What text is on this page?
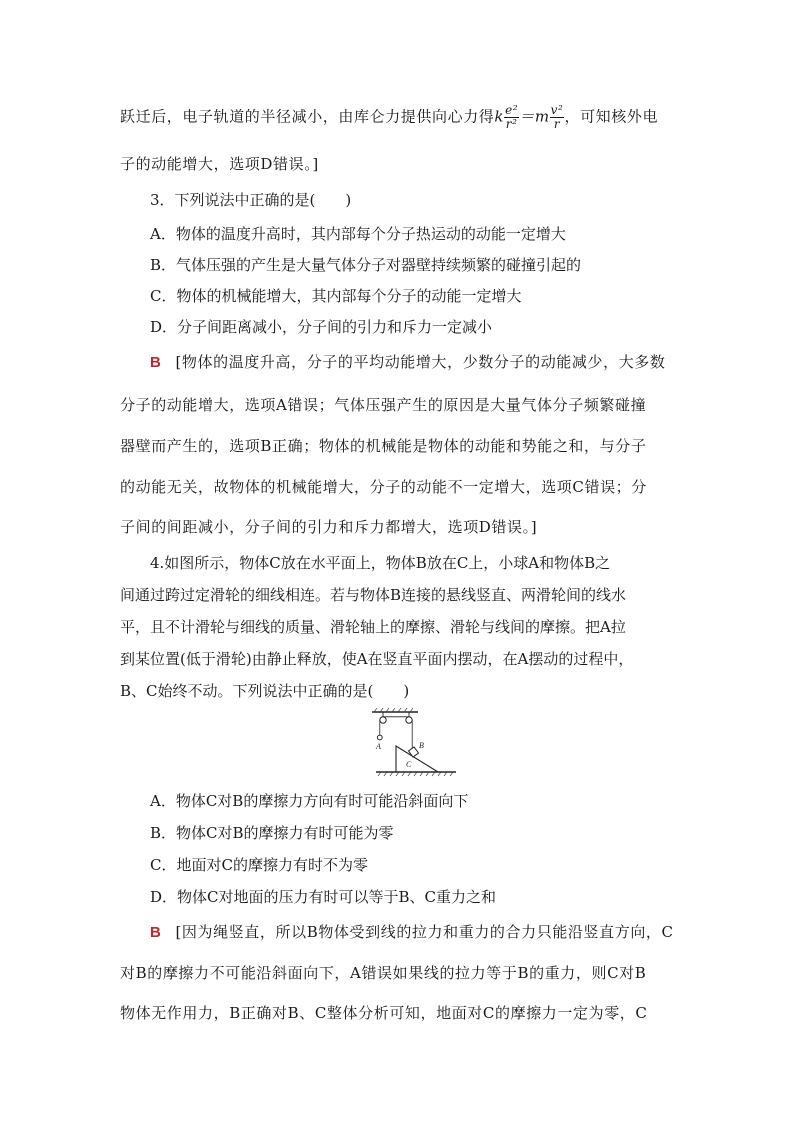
跃迁后，电子轨道的半径减小，由库仑力提供向心力得k $\frac{\text{e²}}{\text{r²}} =m \frac{\text{v²}}{r}$ ，可知核外电
子的动能增大，选项D错误。]
3．下列说法中正确的是(　　)
A．物体的温度升高时，其内部每个分子热运动的动能一定增大
B．气体压强的产生是大量气体分子对器壁持续频繁的碰撞引起的
C．物体的机械能增大，其内部每个分子的动能一定增大
D．分子间距离减小，分子间的引力和斥力一定减小
B [物体的温度升高，分子的平均动能增大，少数分子的动能减少，大多数
分子的动能增大，选项A错误；气体压强产生的原因是大量气体分子频繁碰撞
器壁而产生的，选项B正确；物体的机械能是物体的动能和势能之和，与分子
的动能无关，故物体的机械能增大，分子的动能不一定增大，选项C错误；分
子间的间距减小，分子间的引力和斥力都增大，选项D错误。]
4.如图所示，物体C放在水平面上，物体B放在C上，小球A和物体B之
间通过跨过定滑轮的细线相连。若与物体B连接的悬线竖直、两滑轮间的线水
平，且不计滑轮与细线的质量、滑轮轴上的摩擦、滑轮与线间的摩擦。把A拉
到某位置(低于滑轮)由静止释放，使A在竖直平面内摆动，在A摆动的过程中，
B、C始终不动。下列说法中正确的是(　　)
A	B
C
A．物体C对B的摩擦力方向有时可能沿斜面向下
B．物体C对B的摩擦力有时可能为零
C．地面对C的摩擦力有时不为零
D．物体C对地面的压力有时可以等于B、C重力之和
B [因为绳竖直，所以B物体受到线的拉力和重力的合力只能沿竖直方向，C
对B的摩擦力不可能沿斜面向下，A错误如果线的拉力等于B的重力，则C对B
物体无作用力，B正确对B、C整体分析可知，地面对C的摩擦力一定为零，C
